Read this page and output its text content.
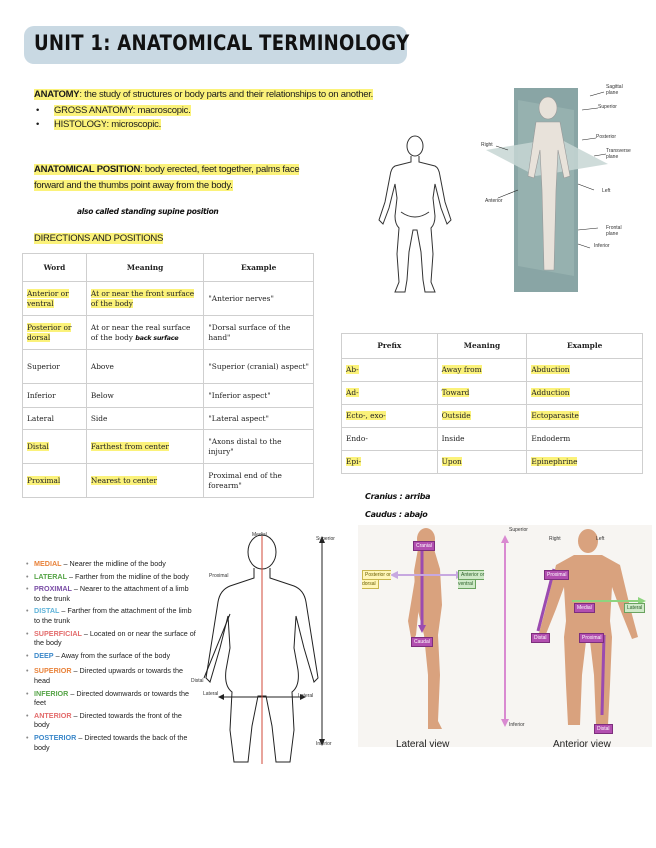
UNIT 1: ANATOMICAL TERMINOLOGY
ANATOMY: the study of structures or body parts and their relationships to on another.
• GROSS ANATOMY: macroscopic.
• HISTOLOGY: microscopic.
ANATOMICAL POSITION: body erected, feet together, palms face
forward and the thumbs point away from the body.
also called standing supine position
DIRECTIONS AND POSITIONS
Word	Meaning	Example
Anterior or ventral	At or near the front surface of the body	"Anterior nerves"
Posterior or dorsal	At or near the real surface of the body back surface	"Dorsal surface of the hand"
Superior	Above	"Superior (cranial) aspect"
Inferior	Below	"Inferior aspect"
Lateral	Side	"Lateral aspect"
Distal	Farthest from center	"Axons distal to the injury"
Proximal	Nearest to center	Proximal end of the forearm"
Prefix	Meaning	Example
Ab-	Away from	Abduction
Ad-	Toward	Adduction
Ecto-, exo-	Outside	Ectoparasite
Endo-	Inside	Endoderm
Epi-	Upon	Epinephrine
Cranius : arriba
Caudus : abajo
Sagittal plane
Superior
Posterior
Transverse plane
Right
Left
Anterior
Frontal plane
Inferior
• MEDIAL – Nearer the midline of the body
• LATERAL – Farther from the midline of the body
• PROXIMAL – Nearer to the attachment of a limb to the trunk
• DISTAL – Farther from the attachment of the limb to the trunk
• SUPERFICIAL – Located on or near the surface of the body
• DEEP – Away from the surface of the body
• SUPERIOR – Directed upwards or towards the head
• INFERIOR – Directed downwards or towards the feet
• ANTERIOR – Directed towards the front of the body
• POSTERIOR – Directed towards the back of the body
Medial
Proximal
Distal
Lateral	Lateral
Superior
Inferior
Superior
Inferior
Cranial
Caudal
Posterior or dorsal
Anterior or ventral
Right	Left
Proximal
Medial	Lateral
Distal	Proximal
Distal
Lateral view	Anterior view
